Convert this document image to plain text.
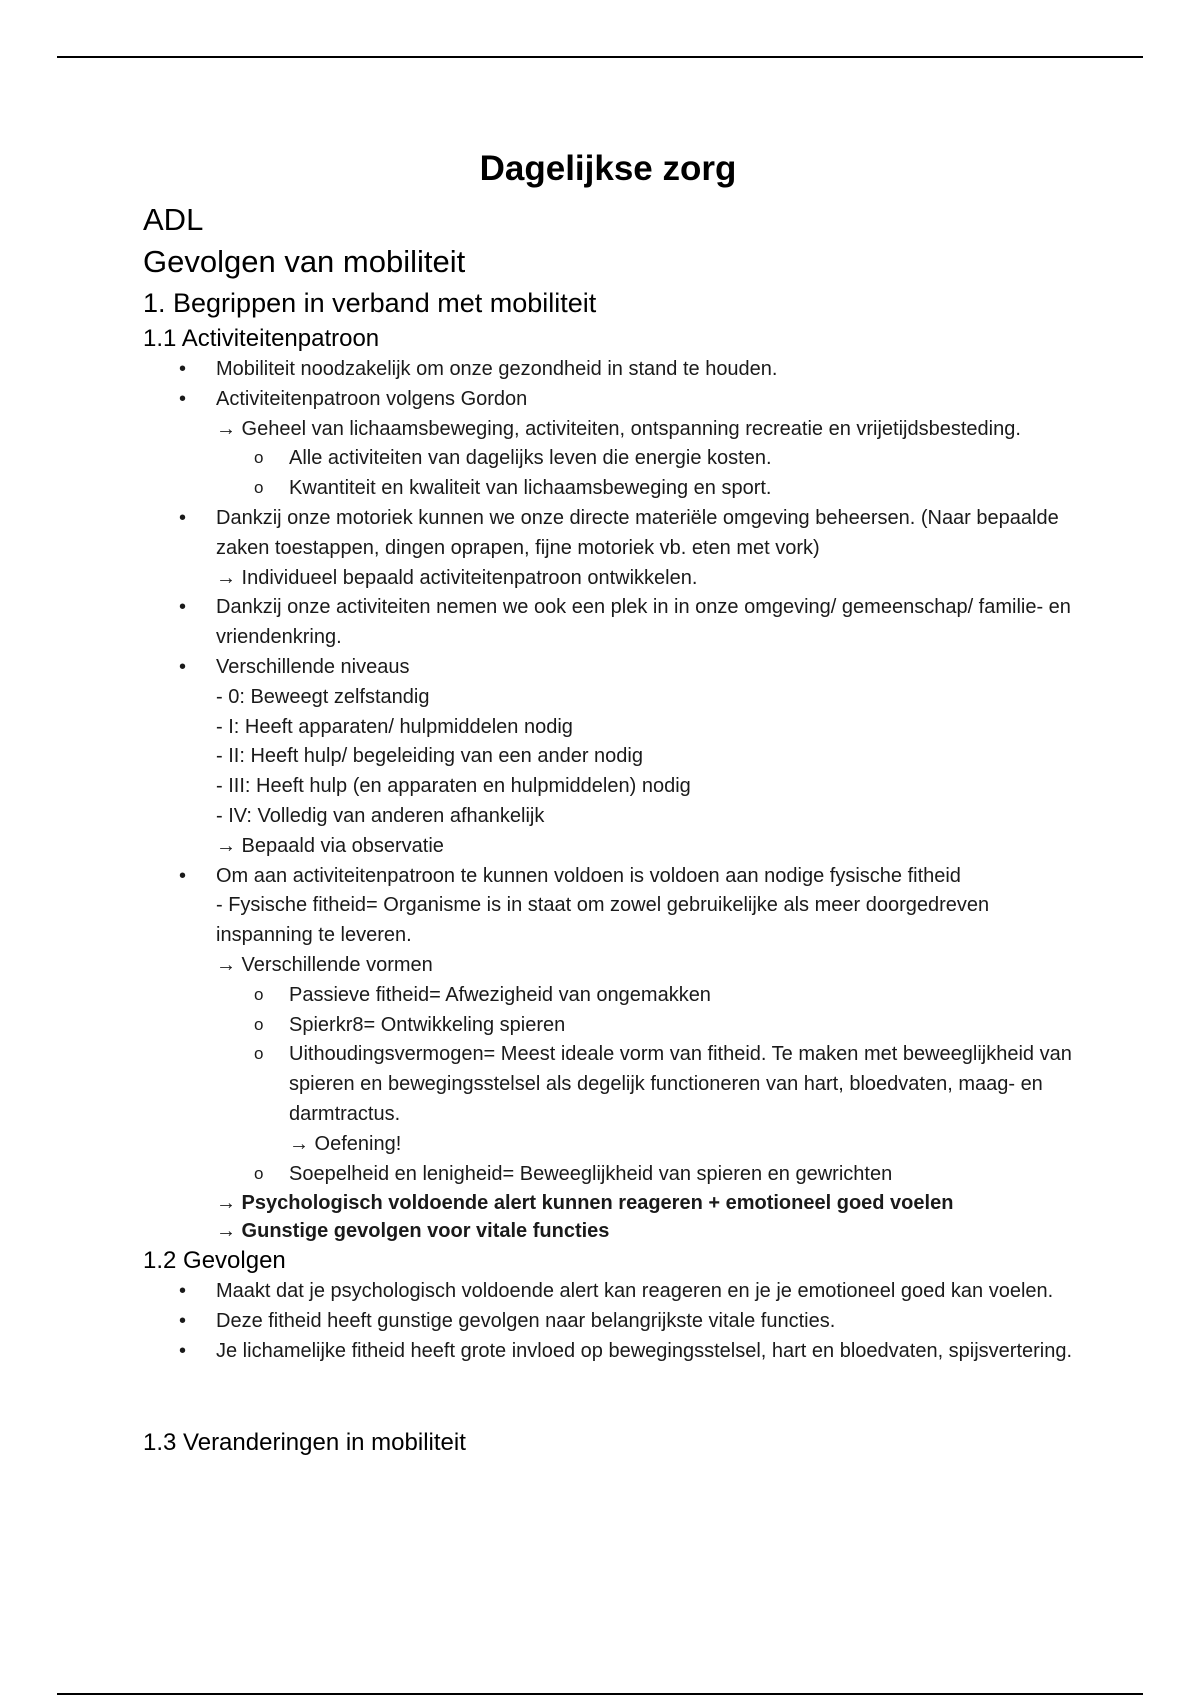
Dagelijkse zorg
ADL
Gevolgen van mobiliteit
1. Begrippen in verband met mobiliteit
1.1 Activiteitenpatroon
• Mobiliteit noodzakelijk om onze gezondheid in stand te houden.
• Activiteitenpatroon volgens Gordon
→ Geheel van lichaamsbeweging, activiteiten, ontspanning recreatie en vrijetijdsbesteding.
o Alle activiteiten van dagelijks leven die energie kosten.
o Kwantiteit en kwaliteit van lichaamsbeweging en sport.
• Dankzij onze motoriek kunnen we onze directe materiële omgeving beheersen. (Naar bepaalde zaken toestappen, dingen oprapen, fijne motoriek vb. eten met vork)
→ Individueel bepaald activiteitenpatroon ontwikkelen.
• Dankzij onze activiteiten nemen we ook een plek in in onze omgeving/ gemeenschap/ familie- en vriendenkring.
• Verschillende niveaus
- 0: Beweegt zelfstandig
- I: Heeft apparaten/ hulpmiddelen nodig
- II: Heeft hulp/ begeleiding van een ander nodig
- III: Heeft hulp (en apparaten en hulpmiddelen) nodig
- IV: Volledig van anderen afhankelijk
→ Bepaald via observatie
• Om aan activiteitenpatroon te kunnen voldoen is voldoen aan nodige fysische fitheid
- Fysische fitheid= Organisme is in staat om zowel gebruikelijke als meer doorgedreven inspanning te leveren.
→ Verschillende vormen
o Passieve fitheid= Afwezigheid van ongemakken
o Spierkr8= Ontwikkeling spieren
o Uithoudingsvermogen= Meest ideale vorm van fitheid. Te maken met beweeglijkheid van spieren en bewegingsstelsel als degelijk functioneren van hart, bloedvaten, maag- en darmtractus.
→ Oefening!
o Soepelheid en lenigheid= Beweeglijkheid van spieren en gewrichten
→ Psychologisch voldoende alert kunnen reageren + emotioneel goed voelen
→ Gunstige gevolgen voor vitale functies
1.2 Gevolgen
• Maakt dat je psychologisch voldoende alert kan reageren en je je emotioneel goed kan voelen.
• Deze fitheid heeft gunstige gevolgen naar belangrijkste vitale functies.
• Je lichamelijke fitheid heeft grote invloed op bewegingsstelsel, hart en bloedvaten, spijsvertering.
1.3 Veranderingen in mobiliteit
